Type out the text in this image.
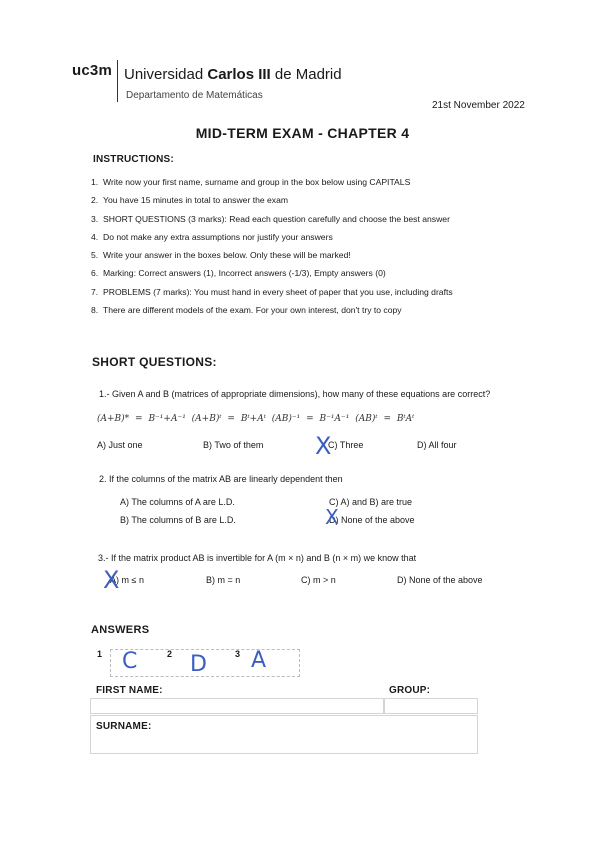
uc3m Universidad Carlos III de Madrid
Departamento de Matemáticas
21st November 2022
MID-TERM EXAM - CHAPTER 4
INSTRUCTIONS:
1. Write now your first name, surname and group in the box below using CAPITALS
2. You have 15 minutes in total to answer the exam
3. SHORT QUESTIONS (3 marks): Read each question carefully and choose the best answer
4. Do not make any extra assumptions nor justify your answers
5. Write your answer in the boxes below. Only these will be marked!
6. Marking: Correct answers (1), Incorrect answers (-1/3), Empty answers (0)
7. PROBLEMS (7 marks): You must hand in every sheet of paper that you use, including drafts
8. There are different models of the exam. For your own interest, don't try to copy
SHORT QUESTIONS:
1.- Given A and B (matrices of appropriate dimensions), how many of these equations are correct?
(A+B)* = B⁻¹+A⁻¹ (A+B)ᵗ = Bᵗ+Aᵗ (AB)⁻¹ = B⁻¹A⁻¹ (AB)ᵗ = BᵗAᵗ
A) Just one	B) Two of them	C) Three	D) All four
X
2. If the columns of the matrix AB are linearly dependent then
A) The columns of A are L.D.
B) The columns of B are L.D.
C) A) and B) are true
D) None of the above
X
3.- If the matrix product AB is invertible for A (m × n) and B (n × m) we know that
A) m ≤ n	B) m = n	C) m > n	D) None of the above
X
ANSWERS
1 C	2 D	3 A
FIRST NAME:	GROUP:
SURNAME:
